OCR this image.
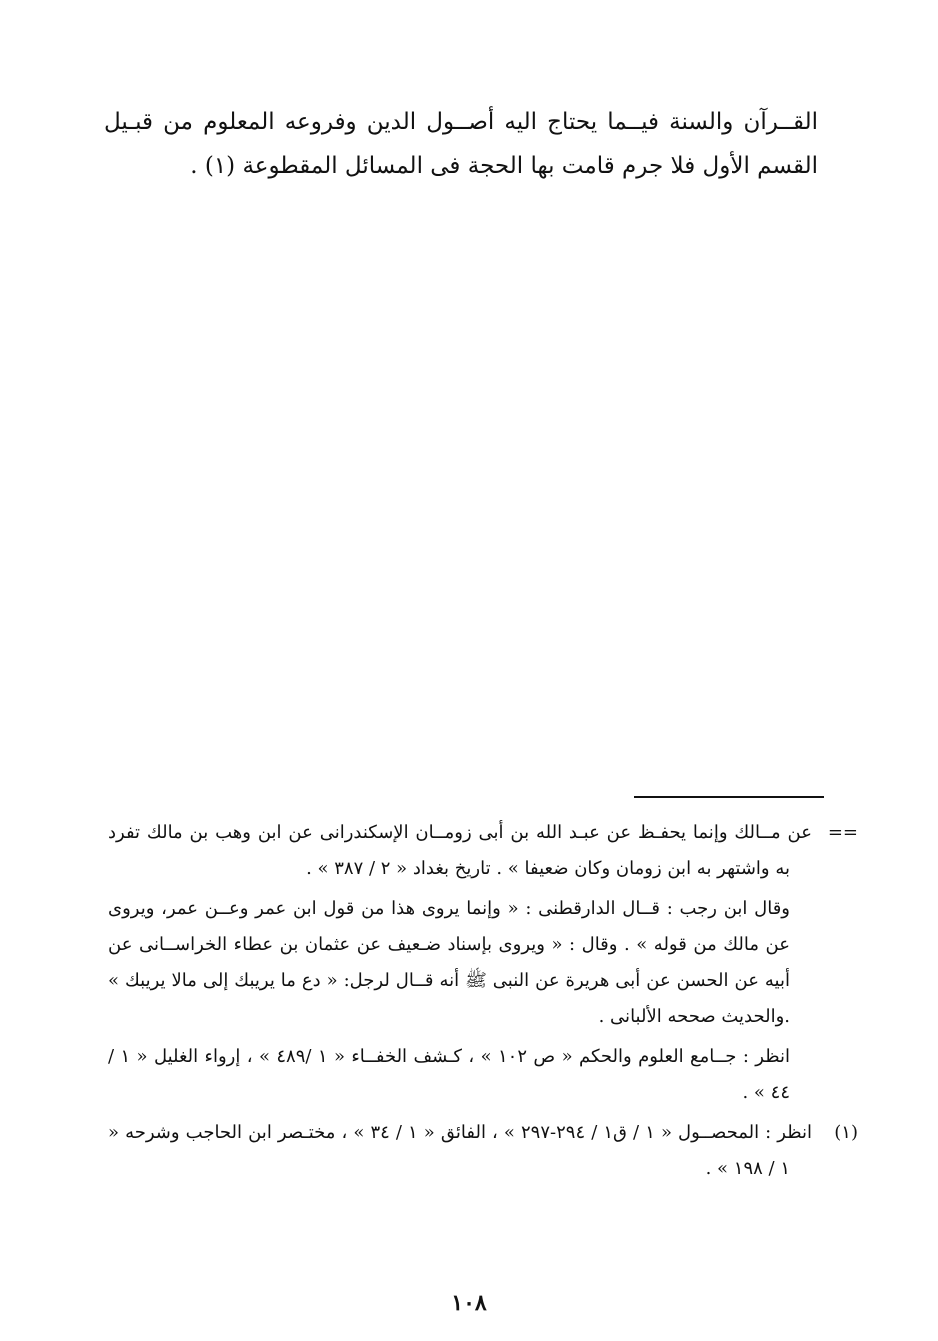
القــرآن والسنة فيــما يحتاج اليه أصــول الدين وفروعه المعلوم من قبـيل القسم الأول فلا جرم قامت بها الحجة فى المسائل المقطوعة (١) .

==عن مــالك وإنما يحفـظ عن عبـد الله بن أبى زومــان الإسكندرانى عن ابن وهب بن مالك تفرد به واشتهر به ابن زومان وكان ضعيفا » . تاريخ بغداد « ٢ / ٣٨٧ » .

وقال ابن رجب : قــال الدارقطنى : « وإنما يروى هذا من قول ابن عمر وعــن عمر، ويروى عن مالك من قوله » . وقال : « ويروى بإسناد ضـعيف عن عثمان بن عطاء الخراســانى عن أبيه عن الحسن عن أبى هريرة عن النبى ﷺ أنه قــال لرجل: « دع ما يريبك إلى مالا يريبك » .والحديث صححه الألبانى .

انظر : جــامع العلوم والحكم « ص ١٠٢ » ، كـشف الخفــاء « ١ /٤٨٩ » ، إرواء الغليل « ١ / ٤٤ » .

(١)انظر : المحصــول « ١ / ق١ / ٢٩٤-٢٩٧ » ، الفائق « ١ / ٣٤ » ، مختـصر ابن الحاجب وشرحه « ١ / ١٩٨ » .

١٠٨
